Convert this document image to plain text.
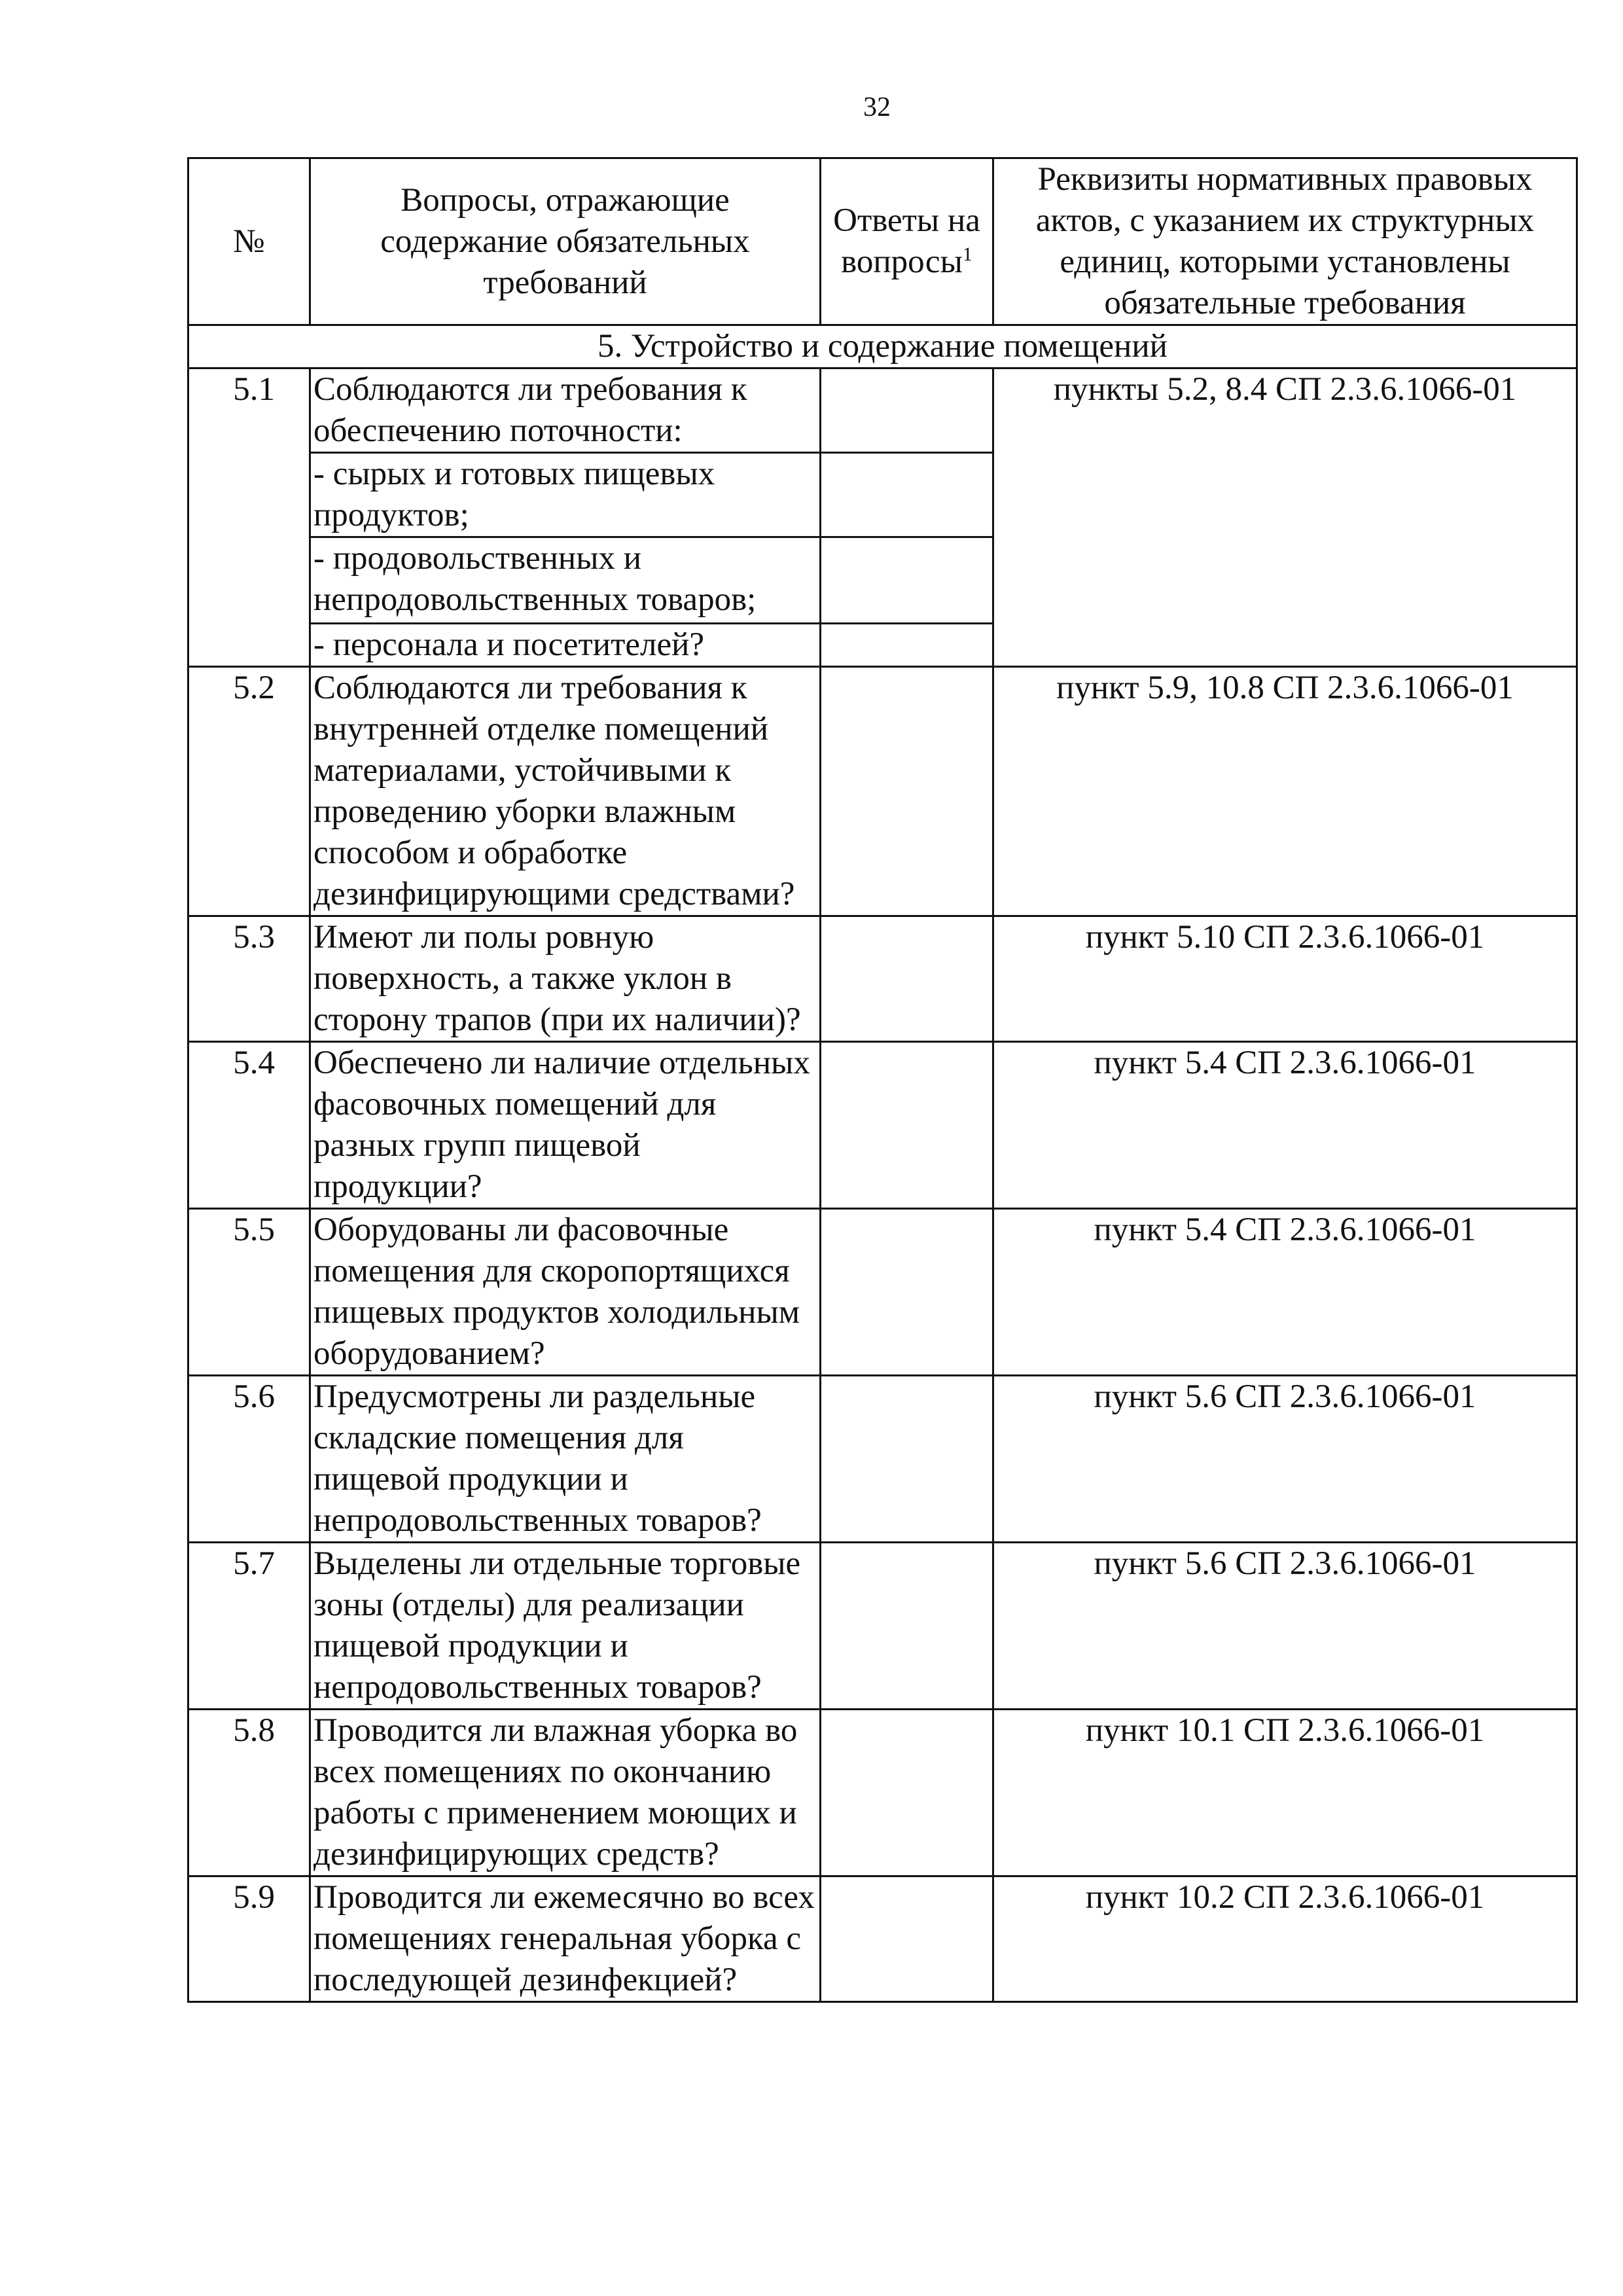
32
№	Вопросы, отражающие содержание обязательных требований	Ответы на вопросы$^1$	Реквизиты нормативных правовых актов, с указанием их структурных единиц, которыми установлены обязательные требования
5. Устройство и содержание помещений			
5.1	Соблюдаются ли требования к обеспечению поточности:		пункты 5.2, 8.4 СП 2.3.6.1066-01
	- сырых и готовых пищевых продуктов;		
	- продовольственных и непродовольственных товаров;		
	- персонала и посетителей?		
5.2	Соблюдаются ли требования к внутренней отделке помещений материалами, устойчивыми к проведению уборки влажным способом и обработке дезинфицирующими средствами?		пункт 5.9, 10.8 СП 2.3.6.1066-01
5.3	Имеют ли полы ровную поверхность, а также уклон в сторону трапов (при их наличии)?		пункт 5.10 СП 2.3.6.1066-01
5.4	Обеспечено ли наличие отдельных фасовочных помещений для разных групп пищевой продукции?		пункт 5.4 СП 2.3.6.1066-01
5.5	Оборудованы ли фасовочные помещения для скоропортящихся пищевых продуктов холодильным оборудованием?		пункт 5.4 СП 2.3.6.1066-01
5.6	Предусмотрены ли раздельные складские помещения для пищевой продукции и непродовольственных товаров?		пункт 5.6 СП 2.3.6.1066-01
5.7	Выделены ли отдельные торговые зоны (отделы) для реализации пищевой продукции и непродовольственных товаров?		пункт 5.6 СП 2.3.6.1066-01
5.8	Проводится ли влажная уборка во всех помещениях по окончанию работы с применением моющих и дезинфицирующих средств?		пункт 10.1 СП 2.3.6.1066-01
5.9	Проводится ли ежемесячно во всех помещениях генеральная уборка с последующей дезинфекцией?		пункт 10.2 СП 2.3.6.1066-01
